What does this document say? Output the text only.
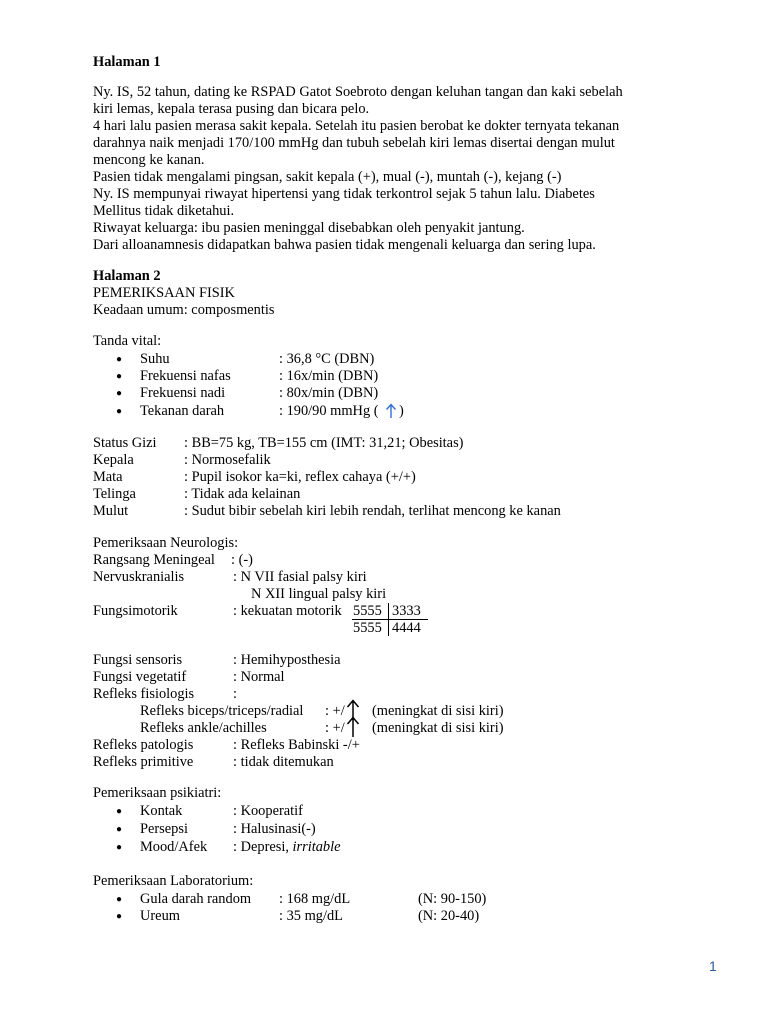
Halaman 1
Ny. IS, 52 tahun, dating ke RSPAD Gatot Soebroto dengan keluhan tangan dan kaki sebelah
kiri lemas, kepala terasa pusing dan bicara pelo.
4 hari lalu pasien merasa sakit kepala. Setelah itu pasien berobat ke dokter ternyata tekanan
darahnya naik menjadi 170/100 mmHg dan tubuh sebelah kiri lemas disertai dengan mulut
mencong ke kanan.
Pasien tidak mengalami pingsan, sakit kepala (+), mual (-), muntah (-), kejang (-)
Ny. IS mempunyai riwayat hipertensi yang tidak terkontrol sejak 5 tahun lalu. Diabetes
Mellitus tidak diketahui.
Riwayat keluarga: ibu pasien meninggal disebabkan oleh penyakit jantung.
Dari alloanamnesis didapatkan bahwa pasien tidak mengenali keluarga dan sering lupa.
Halaman 2
PEMERIKSAAN FISIK
Keadaan umum: composmentis
Tanda vital:
● Suhu	: 36,8 °C (DBN)
● Frekuensi nafas	: 16x/min (DBN)
● Frekuensi nadi	: 80x/min (DBN)
● Tekanan darah	: 190/90 mmHg ( )
Status Gizi : BB=75 kg, TB=155 cm (IMT: 31,21; Obesitas)
Kepala	: Normosefalik
Mata	: Pupil isokor ka=ki, reflex cahaya (+/+)
Telinga	: Tidak ada kelainan
Mulut	: Sudut bibir sebelah kiri lebih rendah, terlihat mencong ke kanan
Pemeriksaan Neurologis:
Rangsang Meningeal : (-)
Nervuskranialis	: N VII fasial palsy kiri
N XII lingual palsy kiri
Fungsimotorik	: kekuatan motorik 5555 3333
5555 4444
Fungsi sensoris	: Hemihyposthesia
Fungsi vegetatif	: Normal
Refleks fisiologis	:
Refleks biceps/triceps/radial : +/ (meningkat di sisi kiri)
Refleks ankle/achilles	: +/ (meningkat di sisi kiri)
Refleks patologis	: Refleks Babinski -/+
Refleks primitive	: tidak ditemukan
Pemeriksaan psikiatri:
● Kontak	: Kooperatif
● Persepsi	: Halusinasi(-)
● Mood/Afek : Depresi, irritable
Pemeriksaan Laboratorium:
● Gula darah random : 168 mg/dL	(N: 90-150)
● Ureum	: 35 mg/dL	(N: 20-40)
1
